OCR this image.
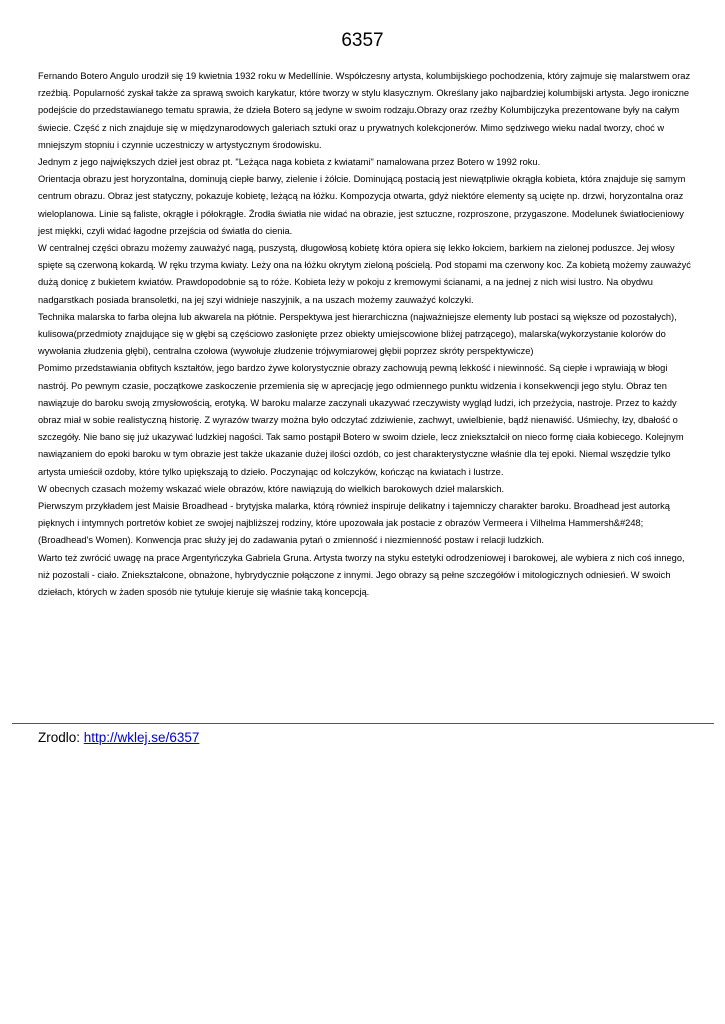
6357

Fernando Botero Angulo urodził się 19 kwietnia 1932 roku w Medellínie. Współczesny artysta, kolumbijskiego pochodzenia, który zajmuje się malarstwem oraz rzeźbią. Popularność zyskał także za sprawą swoich karykatur, które tworzy w stylu klasycznym. Określany jako najbardziej kolumbijski artysta. Jego ironiczne podejście do przedstawianego tematu sprawia, że dzieła Botero są jedyne w swoim rodzaju.Obrazy oraz rzeźby Kolumbijczyka prezentowane były na całym świecie. Część z nich znajduje się w międzynarodowych galeriach sztuki oraz u prywatnych kolekcjonerów. Mimo sędziwego wieku nadal tworzy, choć w mniejszym stopniu i czynnie uczestniczy w artystycznym środowisku.

Jednym z jego największych dzieł jest obraz pt. "Leżąca naga kobieta z kwiatami" namalowana przez Botero w 1992 roku.

Orientacja obrazu jest horyzontalna, dominują ciepłe barwy, zielenie i żółcie. Dominującą postacią jest niewątpliwie okrągła kobieta, która znajduje się samym centrum obrazu. Obraz jest statyczny, pokazuje kobietę, leżącą na łóżku. Kompozycja otwarta, gdyż niektóre elementy są ucięte np. drzwi, horyzontalna oraz wieloplanowa. Linie są faliste, okrągłe i półokrągłe. Źrodła światła nie widać na obrazie, jest sztuczne, rozproszone, przygaszone. Modelunek światłocieniowy jest miękki, czyli widać łagodne przejścia od światła do cienia.

W centralnej części obrazu możemy zauważyć nagą, puszystą, długowłosą kobietę która opiera się lekko łokciem, barkiem na zielonej poduszce. Jej włosy spięte są czerwoną kokardą. W ręku trzyma kwiaty. Leży ona na łóżku okrytym zieloną pościelą. Pod stopami ma czerwony koc. Za kobietą możemy zauważyć dużą donicę z bukietem kwiatów. Prawdopodobnie są to róże. Kobieta leży w pokoju z kremowymi ścianami, a na jednej z nich wisi lustro. Na obydwu nadgarstkach posiada bransoletki, na jej szyi widnieje naszyjnik, a na uszach możemy zauważyć kolczyki.

Technika malarska to farba olejna lub akwarela na płótnie. Perspektywa jest hierarchiczna (najważniejsze elementy lub postaci są większe od pozostałych), kulisowa(przedmioty znajdujące się w głębi są częściowo zasłonięte przez obiekty umiejscowione bliżej patrzącego), malarska(wykorzystanie kolorów do wywołania złudzenia głębi), centralna czołowa (wywołuje złudzenie trójwymiarowej głębii poprzez skróty perspektywicze)

Pomimo przedstawiania obfitych kształtów, jego bardzo żywe kolorystycznie obrazy zachowują pewną lekkość i niewinność. Są ciepłe i wprawiają w błogi nastrój. Po pewnym czasie, początkowe zaskoczenie przemienia się w aprecjację jego odmiennego punktu widzenia i konsekwencji jego stylu. Obraz ten nawiązuje do baroku swoją zmysłowością, erotyką. W baroku malarze zaczynali ukazywać rzeczywisty wygląd ludzi, ich przeżycia, nastroje. Przez to każdy obraz miał w sobie realistyczną historię. Z wyrazów twarzy można było odczytać zdziwienie, zachwyt, uwielbienie, bądź nienawiść. Uśmiechy, łzy, dbałość o szczegóły. Nie bano się już ukazywać ludzkiej nagości. Tak samo postąpił Botero w swoim dziele, lecz zniekształcił on nieco formę ciała kobiecego. Kolejnym nawiązaniem do epoki baroku w tym obrazie jest także ukazanie dużej ilości ozdób, co jest charakterystyczne właśnie dla tej epoki. Niemal wszędzie tylko artysta umieścił ozdoby, które tylko upiększają to dzieło. Poczynając od kolczyków, kończąc na kwiatach i lustrze.

W obecnych czasach możemy wskazać wiele obrazów, które nawiązują do wielkich barokowych dzieł malarskich.

Pierwszym przykładem jest Maisie Broadhead - brytyjska malarka, którą również inspiruje delikatny i tajemniczy charakter baroku. Broadhead jest autorką pięknych i intymnych portretów kobiet ze swojej najbliższej rodziny, które upozowała jak postacie z obrazów Vermeera i Vilhelma Hammersh&#248; (Broadhead's Women). Konwencja prac służy jej do zadawania pytań o zmienność i niezmienność postaw i relacji ludzkich.

Warto też zwrócić uwagę na prace Argentyńczyka Gabriela Gruna. Artysta tworzy na styku estetyki odrodzeniowej i barokowej, ale wybiera z nich coś innego, niż pozostali - ciało. Zniekształcone, obnażone, hybrydycznie połączone z innymi. Jego obrazy są pełne szczegółów i mitologicznych odniesień. W swoich dziełach, których w żaden sposób nie tytułuje kieruje się właśnie taką koncepcją.

Zrodlo: http://wklej.se/6357
